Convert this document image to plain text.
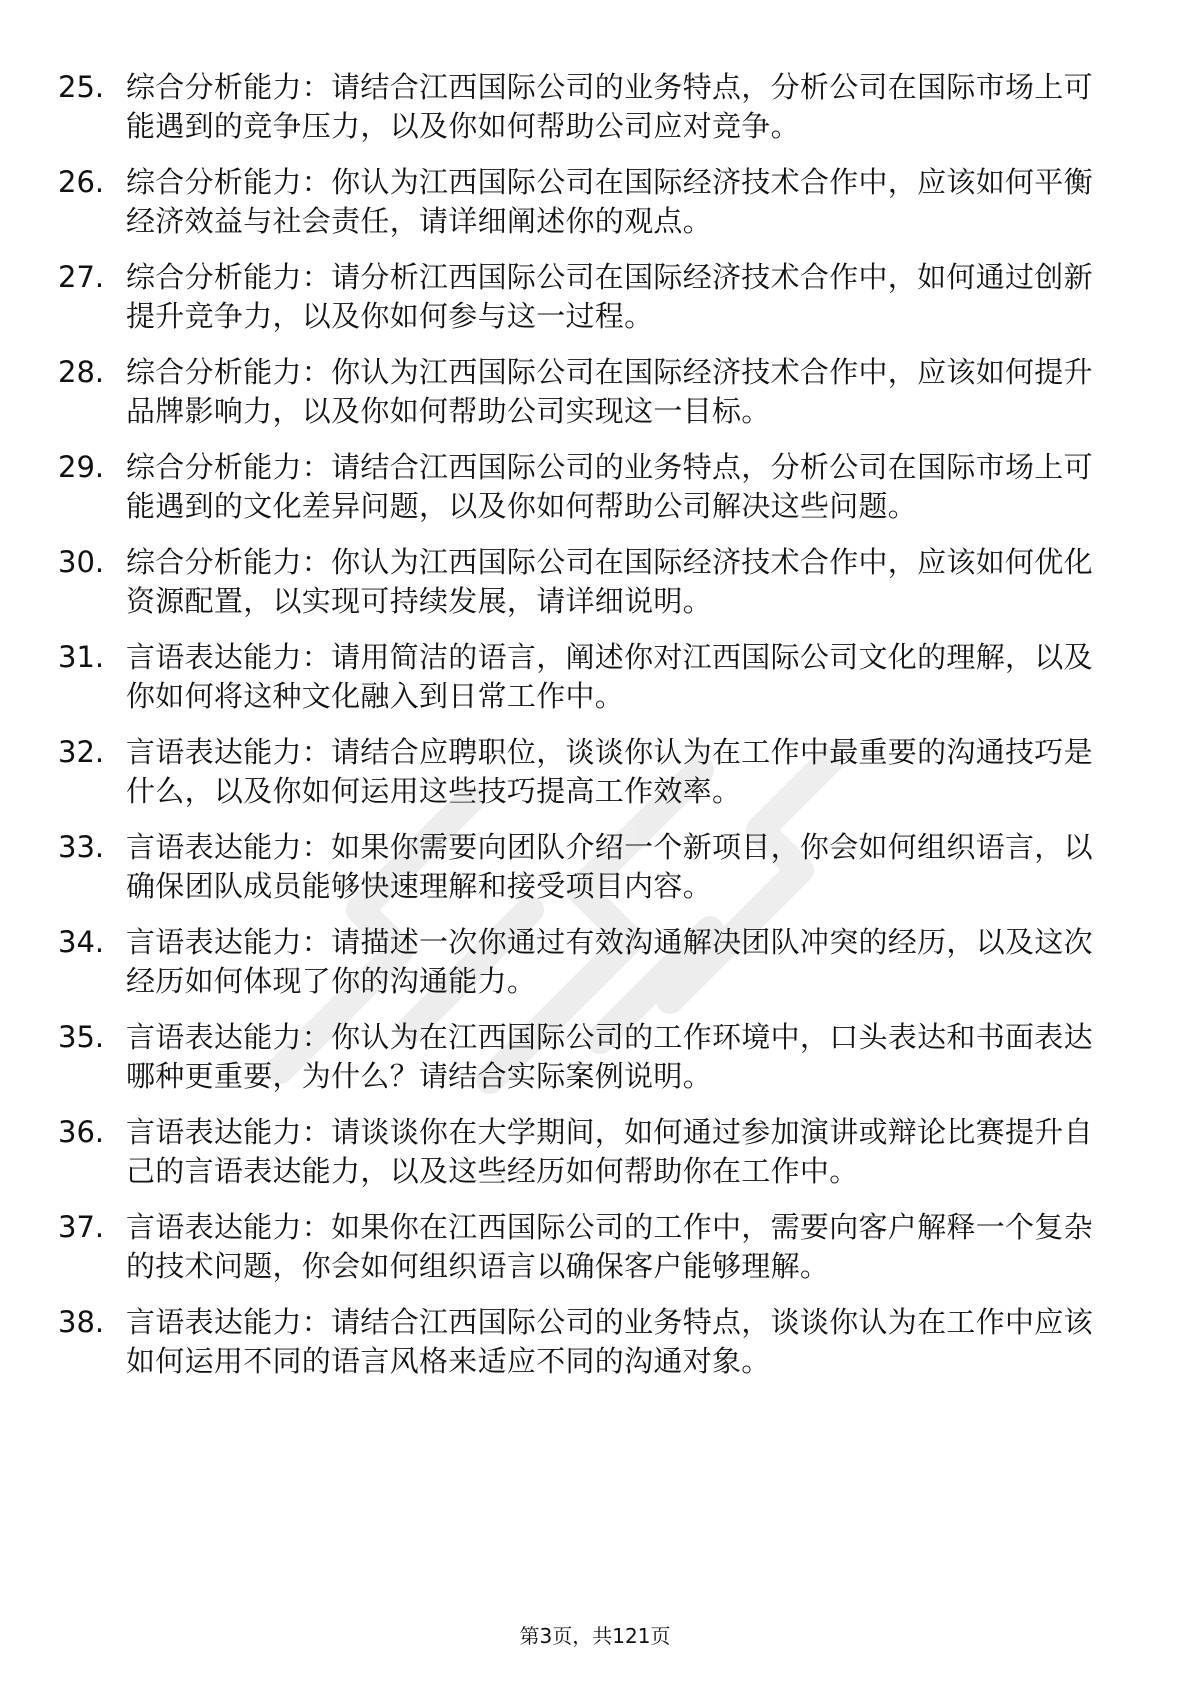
25. 综合分析能力：请结合江西国际公司的业务特点，分析公司在国际市场上可能遇到的竞争压力，以及你如何帮助公司应对竞争。
26. 综合分析能力：你认为江西国际公司在国际经济技术合作中，应该如何平衡经济效益与社会责任，请详细阐述你的观点。
27. 综合分析能力：请分析江西国际公司在国际经济技术合作中，如何通过创新提升竞争力，以及你如何参与这一过程。
28. 综合分析能力：你认为江西国际公司在国际经济技术合作中，应该如何提升品牌影响力，以及你如何帮助公司实现这一目标。
29. 综合分析能力：请结合江西国际公司的业务特点，分析公司在国际市场上可能遇到的文化差异问题，以及你如何帮助公司解决这些问题。
30. 综合分析能力：你认为江西国际公司在国际经济技术合作中，应该如何优化资源配置，以实现可持续发展，请详细说明。
31. 言语表达能力：请用简洁的语言，阐述你对江西国际公司文化的理解，以及你如何将这种文化融入到日常工作中。
32. 言语表达能力：请结合应聘职位，谈谈你认为在工作中最重要的沟通技巧是什么，以及你如何运用这些技巧提高工作效率。
33. 言语表达能力：如果你需要向团队介绍一个新项目，你会如何组织语言，以确保团队成员能够快速理解和接受项目内容。
34. 言语表达能力：请描述一次你通过有效沟通解决团队冲突的经历，以及这次经历如何体现了你的沟通能力。
35. 言语表达能力：你认为在江西国际公司的工作环境中，口头表达和书面表达哪种更重要，为什么？请结合实际案例说明。
36. 言语表达能力：请谈谈你在大学期间，如何通过参加演讲或辩论比赛提升自己的言语表达能力，以及这些经历如何帮助你在工作中。
37. 言语表达能力：如果你在江西国际公司的工作中，需要向客户解释一个复杂的技术问题，你会如何组织语言以确保客户能够理解。
38. 言语表达能力：请结合江西国际公司的业务特点，谈谈你认为在工作中应该如何运用不同的语言风格来适应不同的沟通对象。
第3页，共121页
